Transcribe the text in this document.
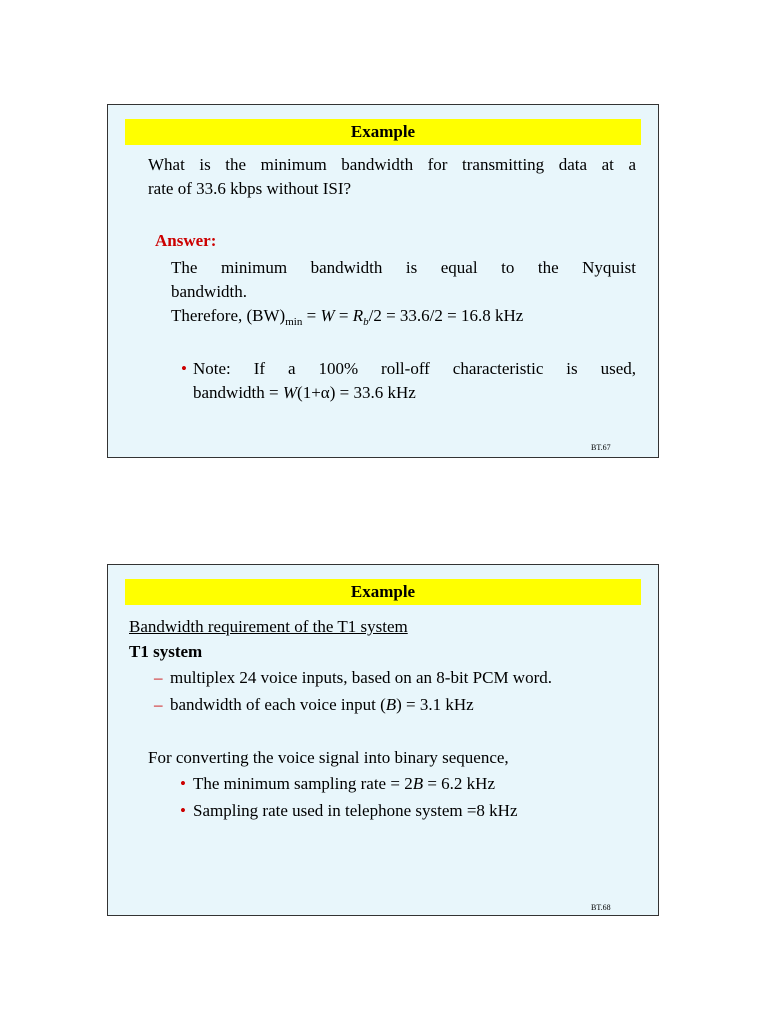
Example
What is the minimum bandwidth for transmitting data at a
rate of 33.6 kbps without ISI?
Answer:
The minimum bandwidth is equal to the Nyquist
bandwidth.
Therefore, $(BW)_{min} = W = R_b/2 = 33.6/2 = 16.8$ kHz
• Note: If a 100% roll-off characteristic is used,
bandwidth = W(1+α) = 33.6 kHz
BT.67
Example
Bandwidth requirement of the T1 system
T1 system
– multiplex 24 voice inputs, based on an 8-bit PCM word.
– bandwidth of each voice input (B) = 3.1 kHz
For converting the voice signal into binary sequence,
• The minimum sampling rate = 2B = 6.2 kHz
• Sampling rate used in telephone system =8 kHz
BT.68
